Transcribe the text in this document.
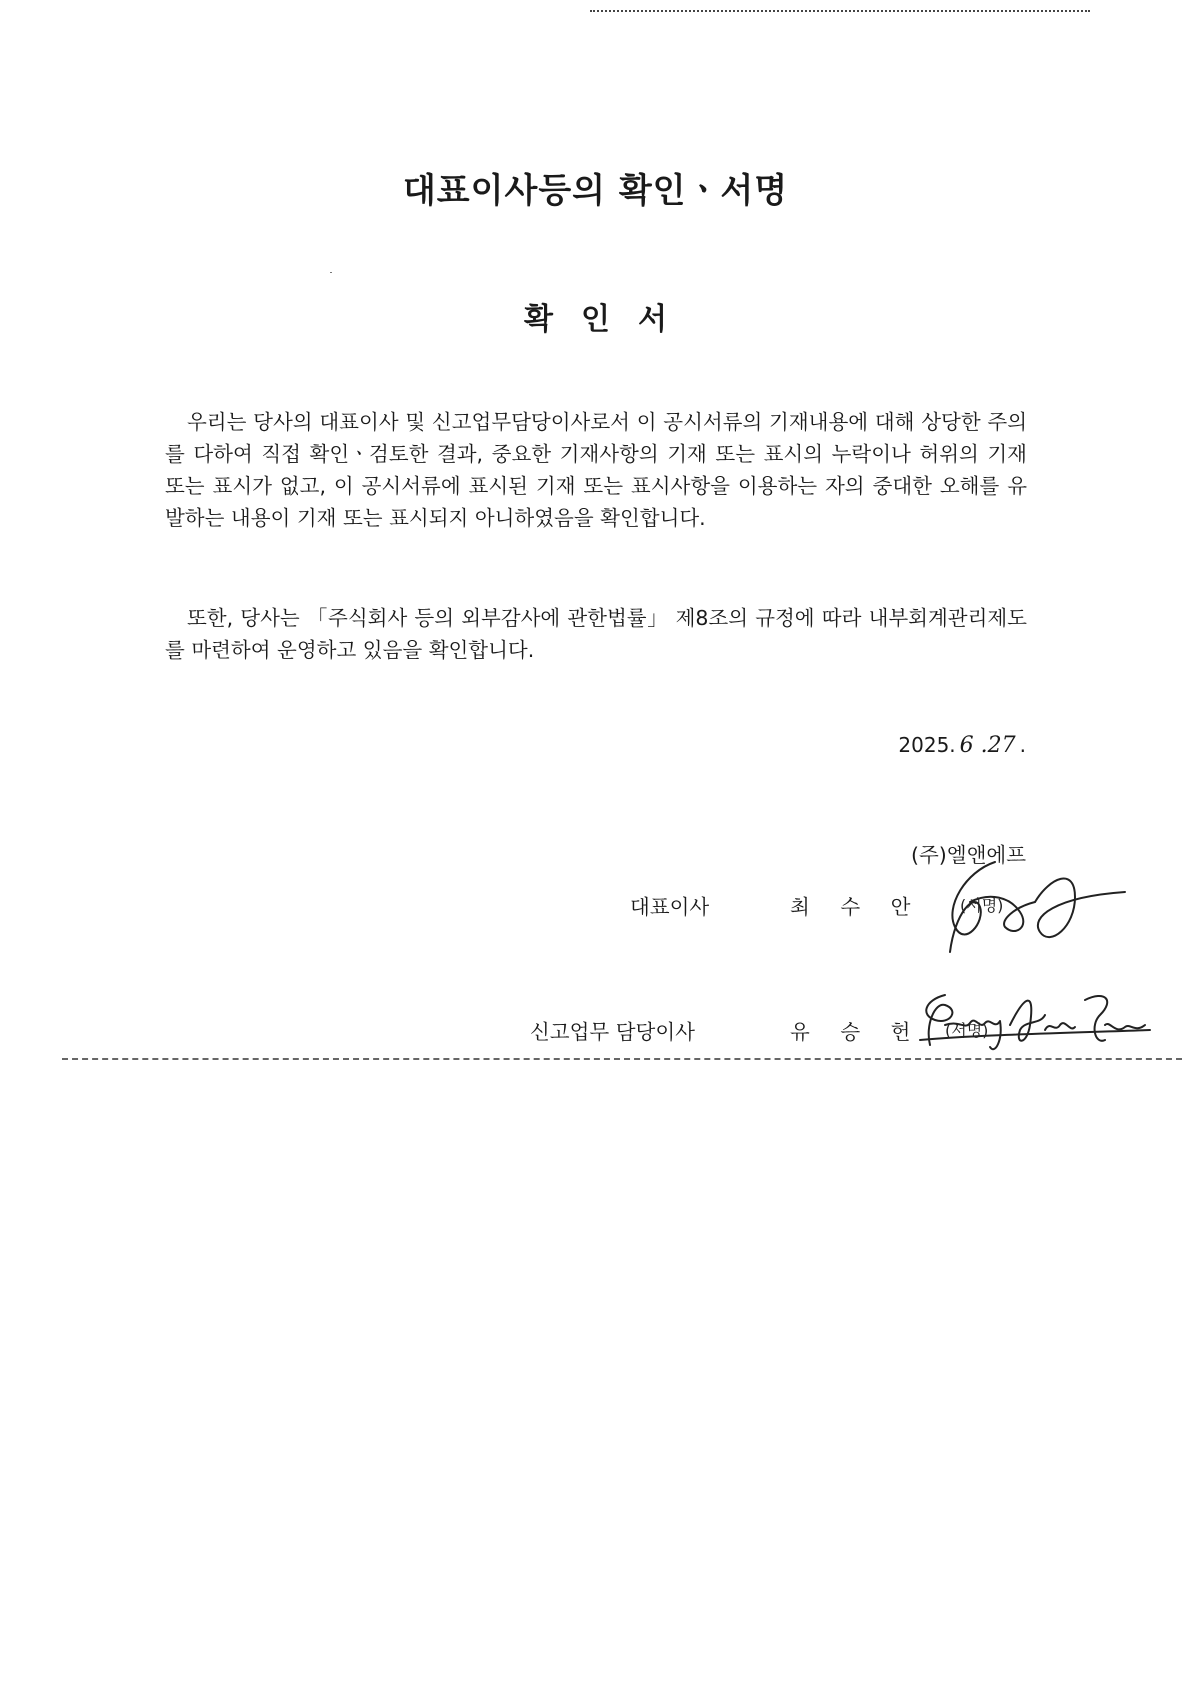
대표이사등의 확인ㆍ서명
확인서

우리는 당사의 대표이사 및 신고업무담당이사로서 이 공시서류의 기재내용에 대해 상당한 주의를 다하여 직접 확인ㆍ검토한 결과, 중요한 기재사항의 기재 또는 표시의 누락이나 허위의 기재 또는 표시가 없고, 이 공시서류에 표시된 기재 또는 표시사항을 이용하는 자의 중대한 오해를 유발하는 내용이 기재 또는 표시되지 아니하였음을 확인합니다.

또한, 당사는 「주식회사 등의 외부감사에 관한법률」 제8조의 규정에 따라 내부회계관리제도를 마련하여 운영하고 있음을 확인합니다.

2025. 6 .27 .
(주)엘앤에프
대표이사	최 수 안 (서명)
신고업무 담당이사	유 승 헌 (서명)
